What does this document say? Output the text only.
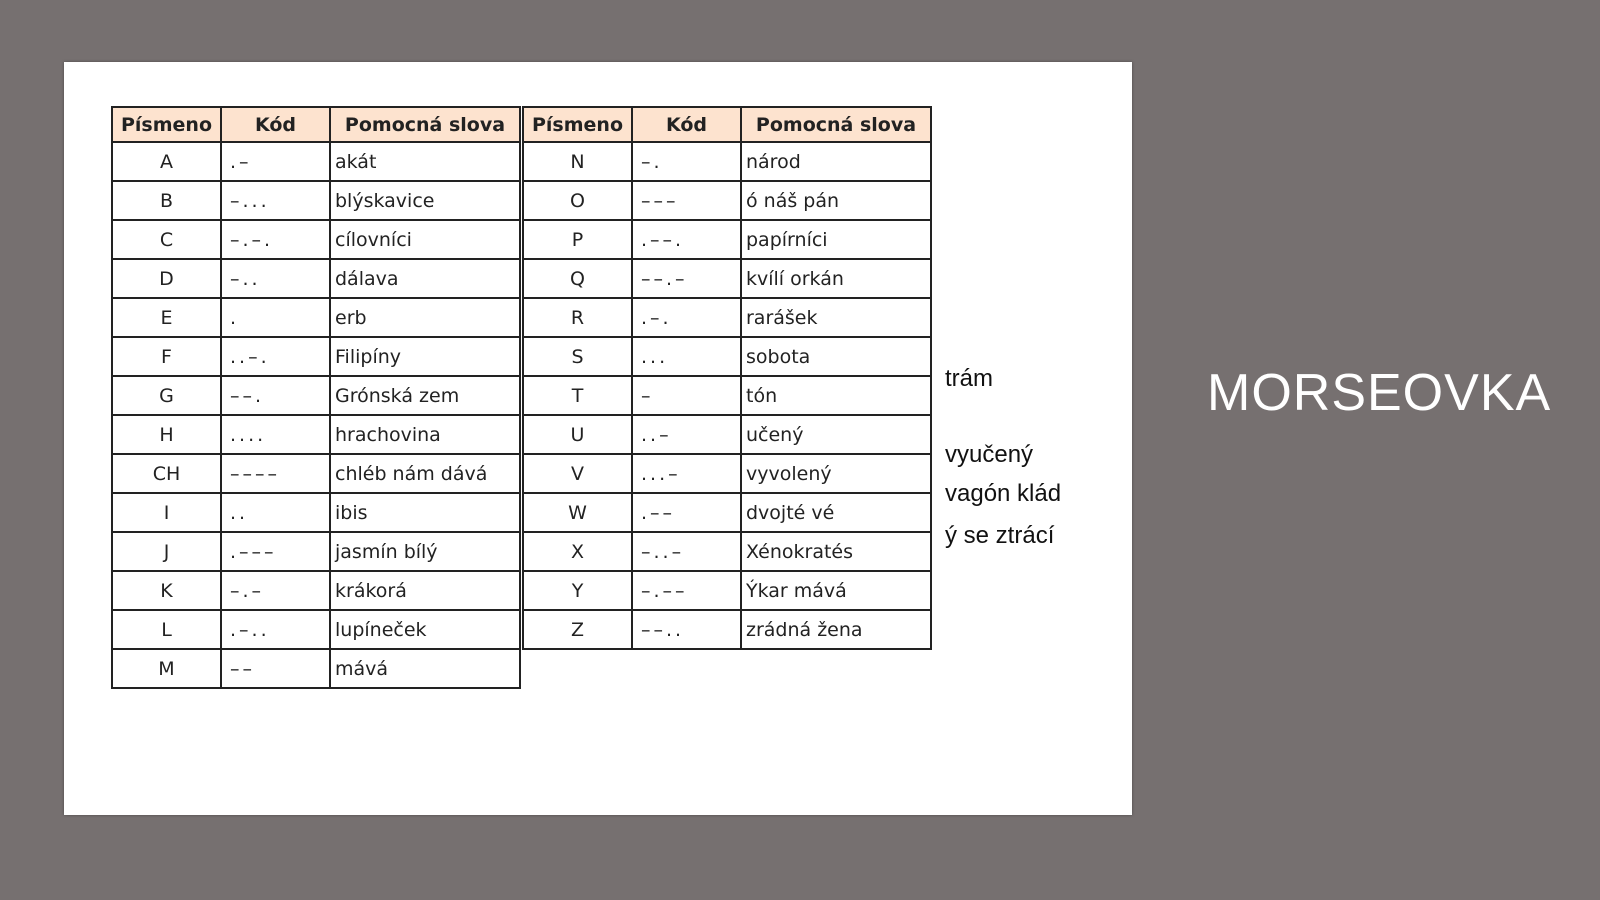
Písmeno	Kód	Pomocná slova
A	.–	akát
B	–...	blýskavice
C	–.–.	cílovníci
D	–..	dálava
E	.	erb
F	..–.	Filipíny
G	––.	Grónská zem
H	....	hrachovina
CH	––––	chléb nám dává
I	..	ibis
J	.–––	jasmín bílý
K	–.–	krákorá
L	.–..	lupíneček
M	––	mává
Písmeno	Kód	Pomocná slova
N	–.	národ
O	–––	ó náš pán
P	.––.	papírníci
Q	––.–	kvílí orkán
R	.–.	rarášek
S	...	sobota
T	–	tón
U	..–	učený
V	...–	vyvolený
W	.––	dvojté vé
X	–..–	Xénokratés
Y	–.––	Ýkar mává
Z	––..	zrádná žena
trám
vyučený
vagón klád
ý se ztrácí
MORSEOVKA
